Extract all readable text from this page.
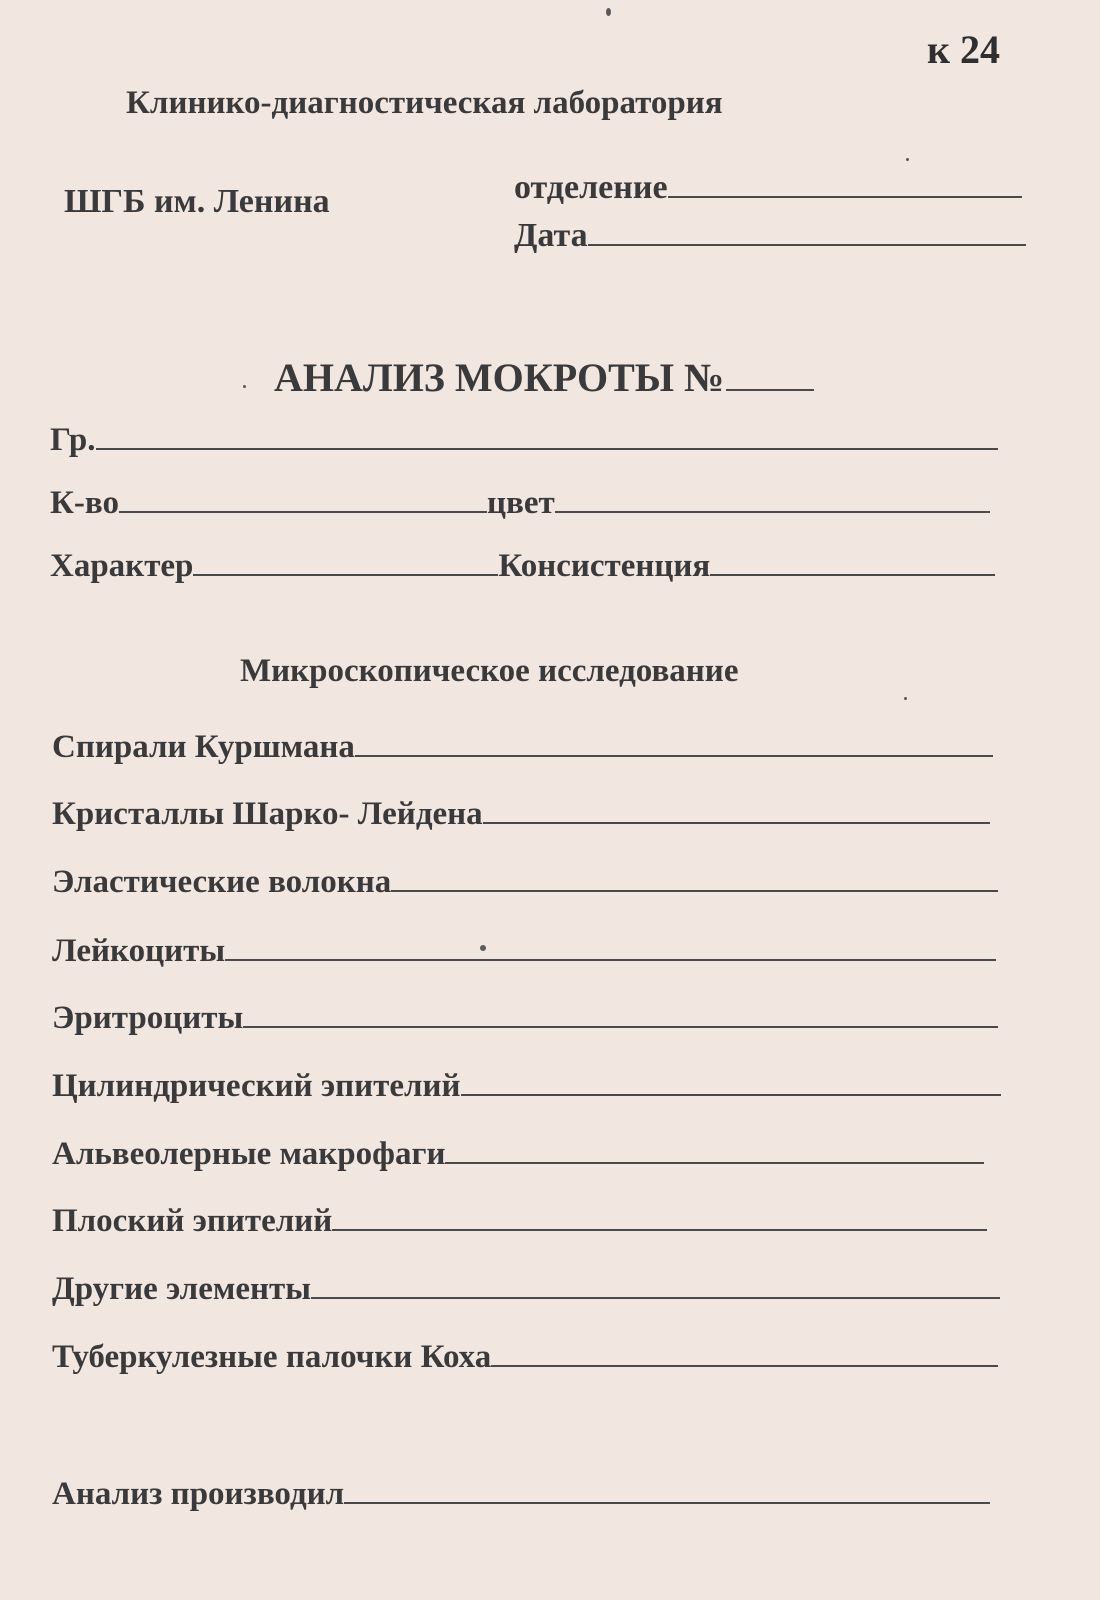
к 24
Клинико-диагностическая лаборатория
ШГБ им. Ленина	отделение
Дата
АНАЛИЗ МОКРОТЫ №
Гр.
К-во	цвет
Характер	Консистенция
Микроскопическое исследование
Спирали Куршмана
Кристаллы Шарко- Лейдена
Эластические волокна
Лейкоциты
Эритроциты
Цилиндрический эпителий
Альвеолерные макрофаги
Плоский эпителий
Другие элементы
Туберкулезные палочки Коха
Анализ производил
